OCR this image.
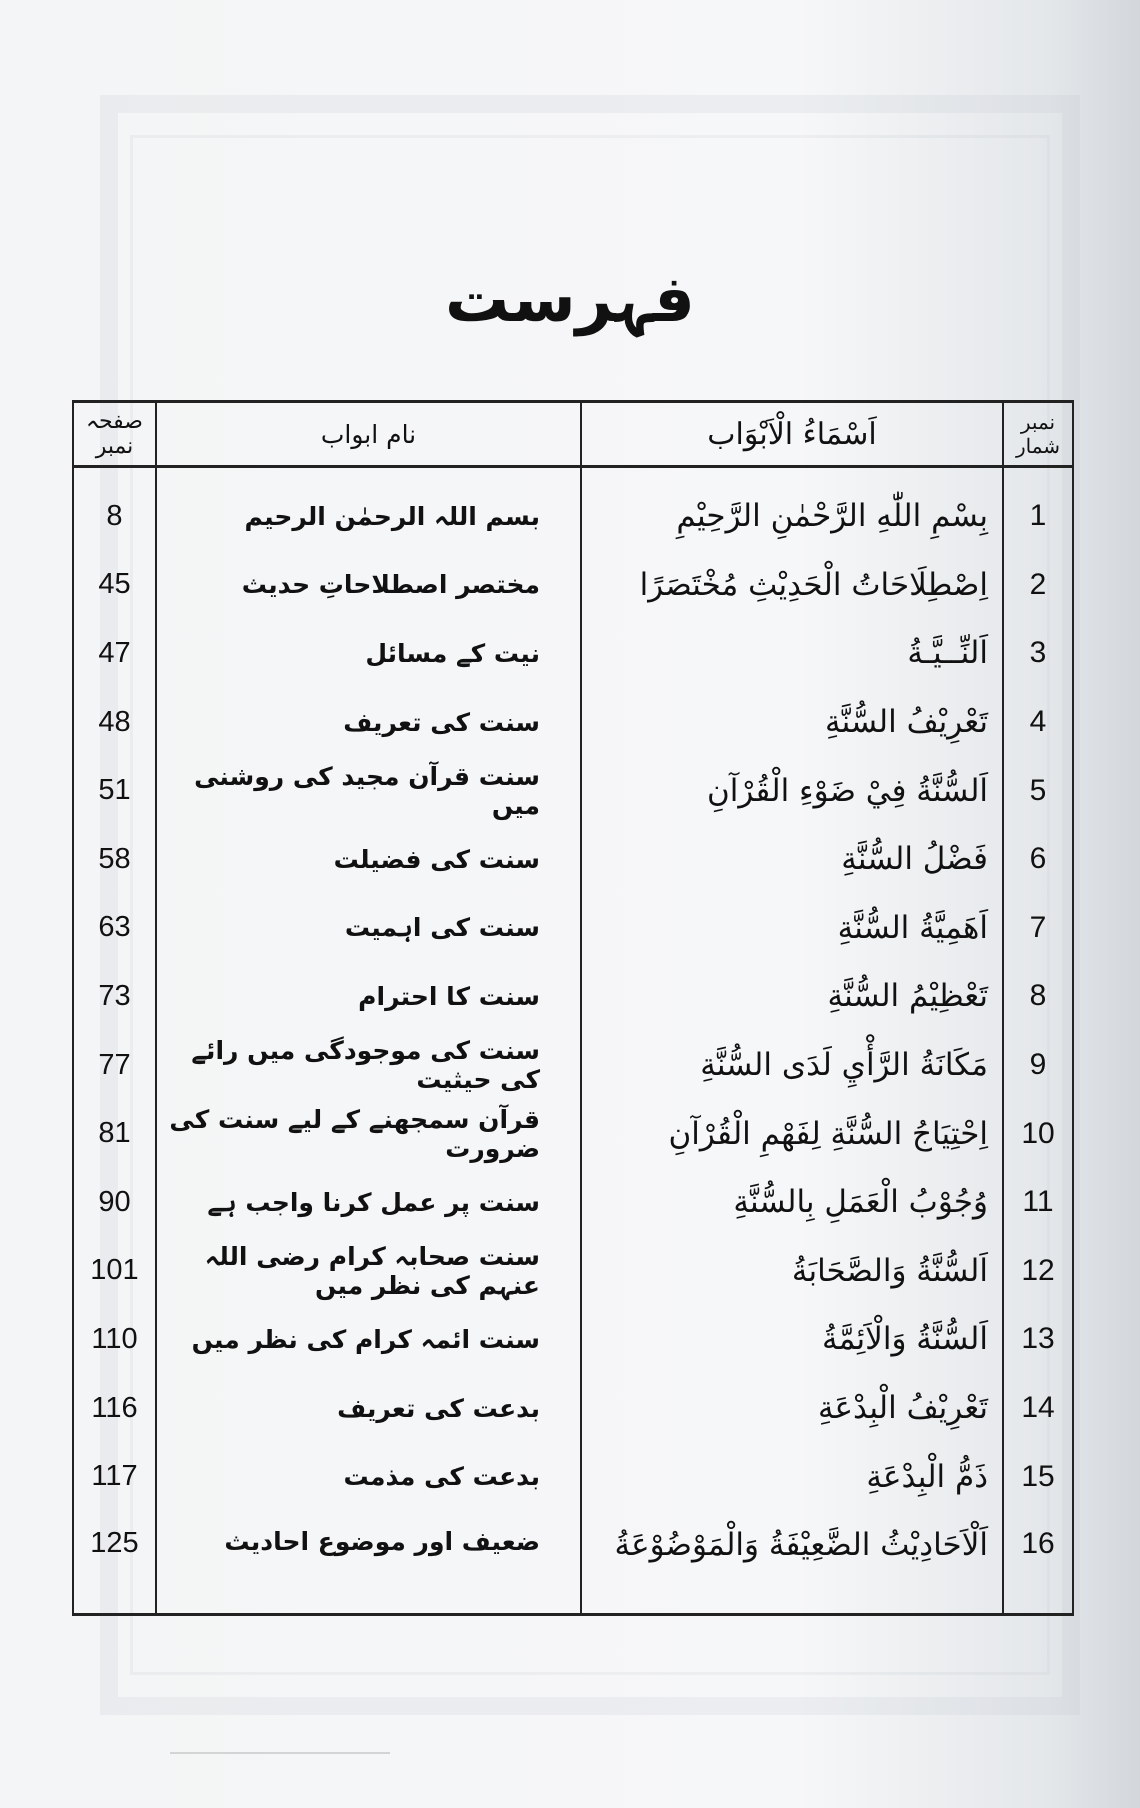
فہرست
صفحہ نمبر	نام ابواب	اَسْمَاءُ الْاَبْوَاب	نمبر شمار
8	بسم اللہ الرحمٰن الرحیم	بِسْمِ اللّٰهِ الرَّحْمٰنِ الرَّحِيْمِ	1
45	مختصر اصطلاحاتِ حدیث	اِصْطِلَاحَاتُ الْحَدِيْثِ مُخْتَصَرًا	2
47	نیت کے مسائل	اَلنِّــيَّـةُ	3
48	سنت کی تعریف	تَعْرِيْفُ السُّنَّةِ	4
51	سنت قرآن مجید کی روشنی میں	اَلسُّنَّةُ فِيْ ضَوْءِ الْقُرْآنِ	5
58	سنت کی فضیلت	فَضْلُ السُّنَّةِ	6
63	سنت کی اہمیت	اَهَمِيَّةُ السُّنَّةِ	7
73	سنت کا احترام	تَعْظِيْمُ السُّنَّةِ	8
77	سنت کی موجودگی میں رائے کی حیثیت	مَكَانَةُ الرَّأْيِ لَدَى السُّنَّةِ	9
81	قرآن سمجھنے کے لیے سنت کی ضرورت	اِحْتِيَاجُ السُّنَّةِ لِفَهْمِ الْقُرْآنِ	10
90	سنت پر عمل کرنا واجب ہے	وُجُوْبُ الْعَمَلِ بِالسُّنَّةِ	11
101	سنت صحابہ کرام رضی اللہ عنہم کی نظر میں	اَلسُّنَّةُ وَالصَّحَابَةُ	12
110	سنت ائمہ کرام کی نظر میں	اَلسُّنَّةُ وَالْاَئِمَّةُ	13
116	بدعت کی تعریف	تَعْرِيْفُ الْبِدْعَةِ	14
117	بدعت کی مذمت	ذَمُّ الْبِدْعَةِ	15
125	ضعیف اور موضوع احادیث	اَلْاَحَادِيْثُ الضَّعِيْفَةُ وَالْمَوْضُوْعَةُ	16
